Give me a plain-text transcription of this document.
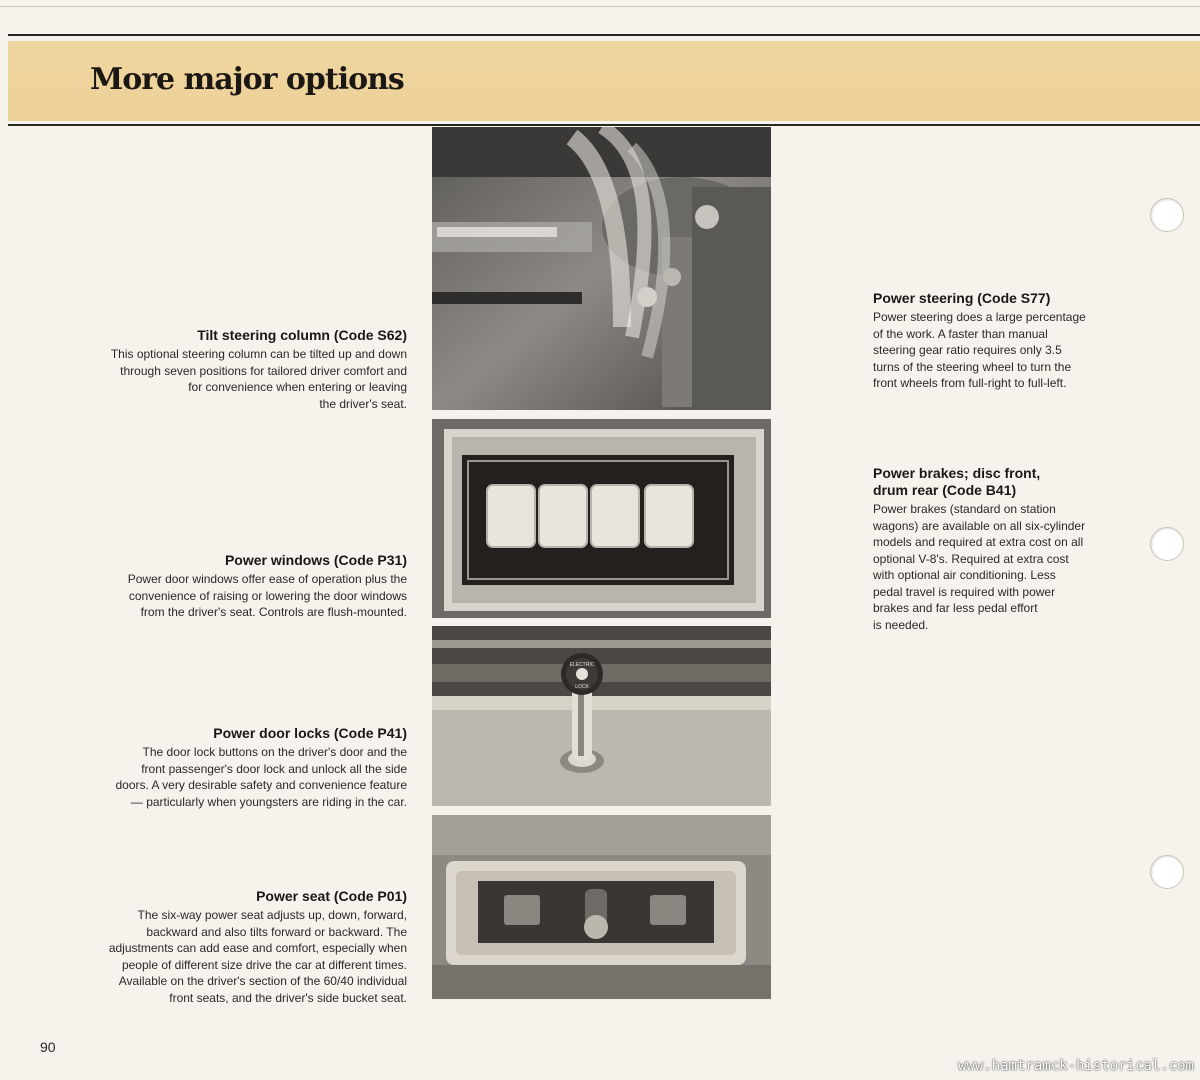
More major options
ELECTRIC
LOCK
Tilt steering column (Code S62)

This optional steering column can be tilted up and down
through seven positions for tailored driver comfort and
for convenience when entering or leaving
the driver's seat.

Power windows (Code P31)

Power door windows offer ease of operation plus the
convenience of raising or lowering the door windows
from the driver's seat. Controls are flush-mounted.

Power door locks (Code P41)

The door lock buttons on the driver's door and the
front passenger's door lock and unlock all the side
doors. A very desirable safety and convenience feature
— particularly when youngsters are riding in the car.

Power seat (Code P01)

The six-way power seat adjusts up, down, forward,
backward and also tilts forward or backward. The
adjustments can add ease and comfort, especially when
people of different size drive the car at different times.
Available on the driver's section of the 60/40 individual
front seats, and the driver's side bucket seat.

Power steering (Code S77)

Power steering does a large percentage
of the work. A faster than manual
steering gear ratio requires only 3.5
turns of the steering wheel to turn the
front wheels from full-right to full-left.

Power brakes; disc front,
drum rear (Code B41)

Power brakes (standard on station
wagons) are available on all six-cylinder
models and required at extra cost on all
optional V-8's. Required at extra cost
with optional air conditioning. Less
pedal travel is required with power
brakes and far less pedal effort
is needed.

90
www.hamtramck-historical.com
